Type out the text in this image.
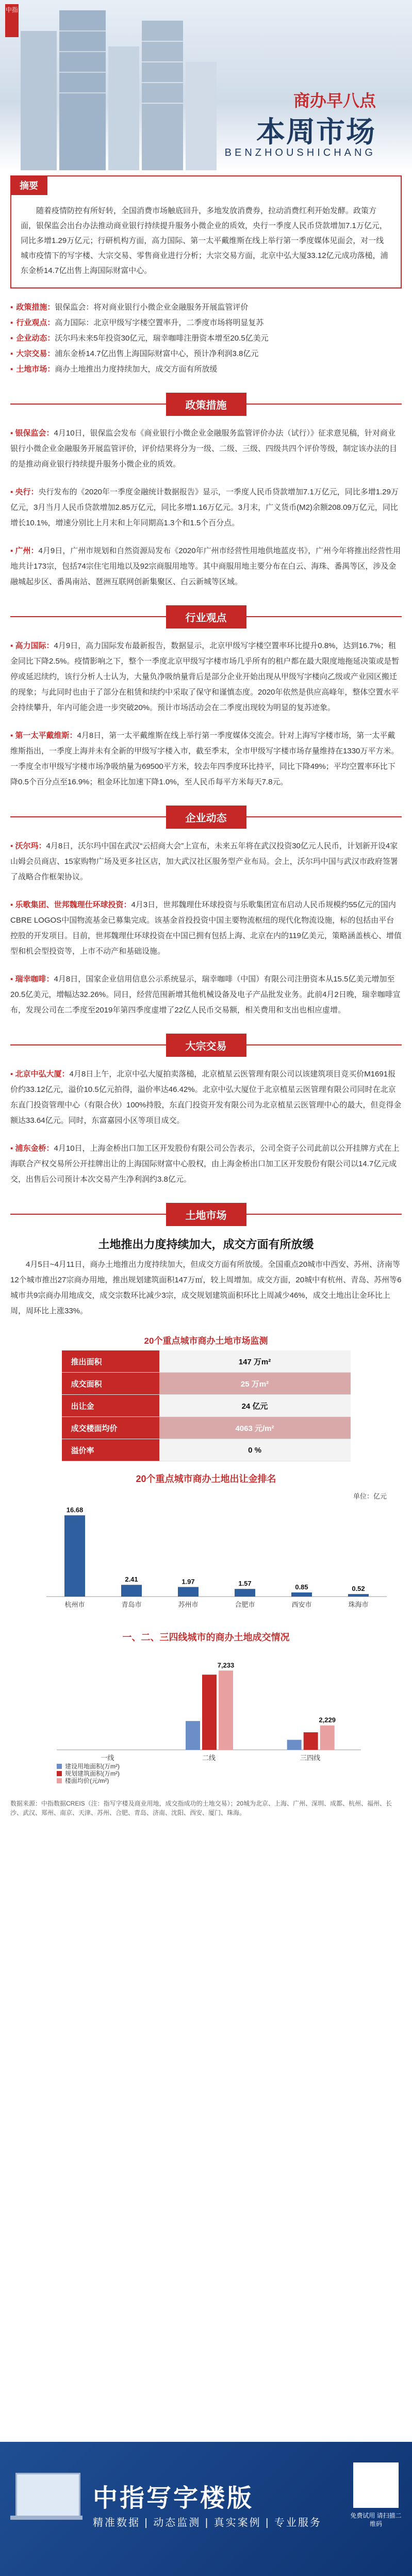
中指
商办早八点
本周市场
BENZHOUSHICHANG
摘要

随着疫情防控有所好转，全国消费市场触底回升，多地发放消费券，拉动消费红利开始发酵。政策方面，银保监会出台办法推动商业银行持续提升服务小微企业的质效，央行一季度人民币贷款增加7.1万亿元，同比多增1.29万亿元；行研机构方面，高力国际、第一太平戴维斯在线上举行第一季度媒体见面会，对一线城市疫情下的写字楼、大宗交易、零售商业进行分析；大宗交易方面，北京中弘大厦33.12亿元成功落槌，浦东金桥14.7亿出售上海国际财富中心。

▪ 政策措施： 银保监会：将对商业银行小微企业金融服务开展监管评价
▪ 行业观点： 高力国际：北京甲级写字楼空置率升，二季度市场将明显复苏
▪ 企业动态： 沃尔玛未来5年投资30亿元，瑞幸咖啡注册资本增至20.5亿美元
▪ 大宗交易： 浦东金桥14.7亿出售上海国际财富中心，预计净利润3.8亿元
▪ 土地市场： 商办土地推出力度持续加大，成交方面有所放缓
政策措施
▪ 银保监会：4月10日，银保监会发布《商业银行小微企业金融服务监管评价办法（试行）》征求意见稿，针对商业银行小微企业金融服务开展监管评价，评价结果将分为一级、二级、三级、四级共四个评价等级，制定该办法的目的是推动商业银行持续提升服务小微企业的质效。
▪ 央行：央行发布的《2020年一季度金融统计数据报告》显示，一季度人民币贷款增加7.1万亿元，同比多增1.29万亿元，3月当月人民币贷款增加2.85万亿元，同比多增1.16万亿元。3月末，广义货币(M2)余额208.09万亿元，同比增长10.1%，增速分别比上月末和上年同期高1.3个和1.5个百分点。
▪ 广州：4月9日，广州市规划和自然资源局发布《2020年广州市经营性用地供地蓝皮书》，广州今年将推出经营性用地共计173宗，包括74宗住宅用地以及92宗商服用地等。其中商服用地主要分布在白云、海珠、番禺等区，涉及金融城起步区、番禺南站、琶洲互联网创新集聚区、白云新城等区域。
行业观点
▪ 高力国际：4月9日，高力国际发布最新报告，数据显示，北京甲级写字楼空置率环比提升0.8%，达到16.7%；租金同比下降2.5%。疫情影响之下，整个一季度北京甲级写字楼市场几乎所有的租户都在最大限度地拖延决策或是暂停或延迟续约，该行分析人士认为，大量负净吸纳量背后是部分企业开始出现从甲级写字楼向乙级或产业园区搬迁的现象；与此同时也由于了部分在租赁和续约中采取了保守和谨慎态度。2020年依然是供应高峰年，整体空置水平会持续攀升，年内可能会进一步突破20%。预计市场活动会在二季度出现较为明显的复苏迹象。
▪ 第一太平戴维斯：4月8日，第一太平戴维斯在线上举行第一季度媒体交流会。针对上海写字楼市场，第一太平戴维斯指出，一季度上海并未有全新的甲级写字楼入市，截至季末，全市甲级写字楼市场存量维持在1330万平方米。一季度全市甲级写字楼市场净吸纳量为69500平方米，较去年四季度环比持平，同比下降49%；平均空置率环比下降0.5个百分点至16.9%；租金环比加速下降1.0%，至人民币每平方米每天7.8元。
企业动态
▪ 沃尔玛：4月8日，沃尔玛中国在武汉“云招商大会”上宣布，未来五年将在武汉投资30亿元人民币，计划新开设4家山姆会员商店、15家购物广场及更多社区店，加大武汉社区服务型产业布局。会上，沃尔玛中国与武汉市政府签署了战略合作框架协议。
▪ 乐歌集团、世邦魏理仕环球投资：4月3日，世邦魏理仕环球投资与乐歌集团宣布启动人民币规模约55亿元的国内CBRE LOGOS中国物流基金已募集完成。该基金首投投资中国主要物流枢纽的现代化物流设施，标的包括由平台控股的开发项目。目前，世邦魏理仕环球投资在中国已拥有包括上海、北京在内的119亿美元，策略涵盖核心、增值型和机会型投资等，上市不动产和基础设施。
▪ 瑞幸咖啡：4月8日，国家企业信用信息公示系统显示，瑞幸咖啡（中国）有限公司注册资本从15.5亿美元增加至20.5亿美元，增幅达32.26%。同日，经营范围新增其他机械设备及电子产品批发业务。此前4月2日晚，瑞幸咖啡宣布，发现公司在二季度至2019年第四季度虚增了22亿人民币交易额，相关费用和支出也相应虚增。
大宗交易
▪ 北京中弘大厦：4月8日上午，北京中弘大厦拍卖落槌，北京植星云医管理有限公司以该建筑项目竞买价M1691报价约33.12亿元，溢价10.5亿元拍得，溢价率达46.42%。北京中弘大厦位于北京植星云医管理有限公司同时在北京东直门投资管理中心（有限合伙）100%持股，东直门投资开发有限公司为北京植星云医管理中心的最大，但竞得金额达33.64亿元。同时，东富嘉园小区等项目成交。
▪ 浦东金桥：4月10日，上海金桥出口加工区开发股份有限公司公告表示，公司全资子公司此前以公开挂牌方式在上海联合产权交易所公开挂牌出让的上海国际财富中心股权，由上海金桥出口加工区开发股份有限公司以14.7亿元成交，出售后公司预计本次交易产生净利润约3.8亿元。
土地市场
土地推出力度持续加大，成交方面有所放缓
4月5日~4月11日，商办土地推出力度持续加大，但成交方面有所放缓。全国重点20城市中西安、苏州、济南等12个城市推出27宗商办用地，推出规划建筑面积147万㎡，较上周增加。成交方面，20城中有杭州、青岛、苏州等6城市共9宗商办用地成交，成交宗数环比减少3宗，成交规划建筑面积环比上周减少46%，成交土地出让金环比上周，周环比上涨33%。
20个重点城市商办土地市场监测
推出面积	147 万m²
成交面积	25 万m²
出让金	24 亿元
成交楼面均价	4063 元/m²
溢价率	0 %
20个重点城市商办土地出让金排名
单位：亿元
16.68
杭州市
2.41
青岛市
1.97
苏州市
1.57
合肥市
0.85
西安市
0.52
珠海市
一、二、三四线城市的商办土地成交情况
一线
7,233
二线
2,229
三四线
建设用地面积(万m²)
规划建筑面积(万m²)
楼面均价(元/m²)
数据来源：中指数据CREIS（注：指写字楼及商业用地，成交指成功的土地交易）；20城为北京、上海、广州、深圳、成都、杭州、福州、长沙、武汉、郑州、南京、天津、苏州、合肥、青岛、济南、沈阳、西安、厦门、珠海。
中指写字楼版
精准数据 | 动态监测 | 真实案例 | 专业服务
免费试用 请扫描二维码
